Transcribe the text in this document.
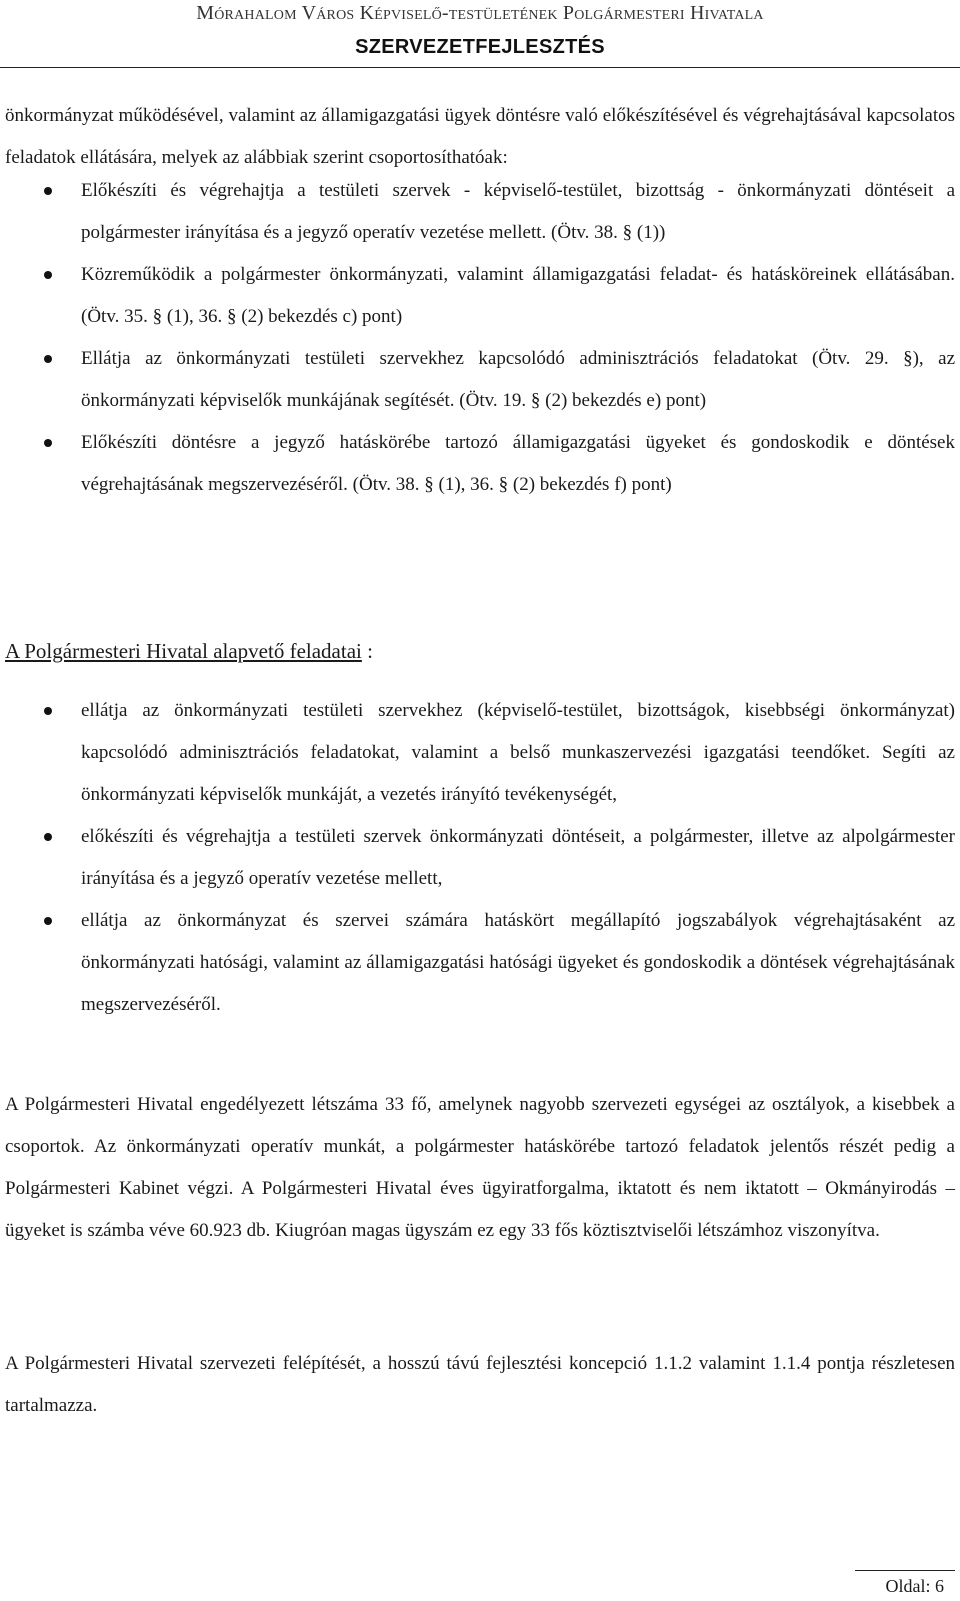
Mórahalom Város Képviselő-testületének Polgármesteri Hivatala
SZERVEZETFEJLESZTÉS

önkormányzat működésével, valamint az államigazgatási ügyek döntésre való előkészítésével és végrehajtásával kapcsolatos feladatok ellátására, melyek az alábbiak szerint csoportosíthatóak:

Előkészíti és végrehajtja a testületi szervek - képviselő-testület, bizottság - önkormányzati döntéseit a polgármester irányítása és a jegyző operatív vezetése mellett. (Ötv. 38. § (1))
Közreműködik a polgármester önkormányzati, valamint államigazgatási feladat- és hatásköreinek ellátásában. (Ötv. 35. § (1), 36. § (2) bekezdés c) pont)
Ellátja az önkormányzati testületi szervekhez kapcsolódó adminisztrációs feladatokat (Ötv. 29. §), az önkormányzati képviselők munkájának segítését. (Ötv. 19. § (2) bekezdés e) pont)
Előkészíti döntésre a jegyző hatáskörébe tartozó államigazgatási ügyeket és gondoskodik e döntések végrehajtásának megszervezéséről. (Ötv. 38. § (1), 36. § (2) bekezdés f) pont)
A Polgármesteri Hivatal alapvető feladatai :
ellátja az önkormányzati testületi szervekhez (képviselő-testület, bizottságok, kisebbségi önkormányzat) kapcsolódó adminisztrációs feladatokat, valamint a belső munkaszervezési igazgatási teendőket. Segíti az önkormányzati képviselők munkáját, a vezetés irányító tevékenységét,
előkészíti és végrehajtja a testületi szervek önkormányzati döntéseit, a polgármester, illetve az alpolgármester irányítása és a jegyző operatív vezetése mellett,
ellátja az önkormányzat és szervei számára hatáskört megállapító jogszabályok végrehajtásaként az önkormányzati hatósági, valamint az államigazgatási hatósági ügyeket és gondoskodik a döntések végrehajtásának megszervezéséről.

A Polgármesteri Hivatal engedélyezett létszáma 33 fő, amelynek nagyobb szervezeti egységei az osztályok, a kisebbek a csoportok. Az önkormányzati operatív munkát, a polgármester hatáskörébe tartozó feladatok jelentős részét pedig a Polgármesteri Kabinet végzi. A Polgármesteri Hivatal éves ügyiratforgalma, iktatott és nem iktatott – Okmányirodás – ügyeket is számba véve 60.923 db. Kiugróan magas ügyszám ez egy 33 fős köztisztviselői létszámhoz viszonyítva.

A Polgármesteri Hivatal szervezeti felépítését, a hosszú távú fejlesztési koncepció 1.1.2 valamint 1.1.4 pontja részletesen tartalmazza.

Oldal: 6
